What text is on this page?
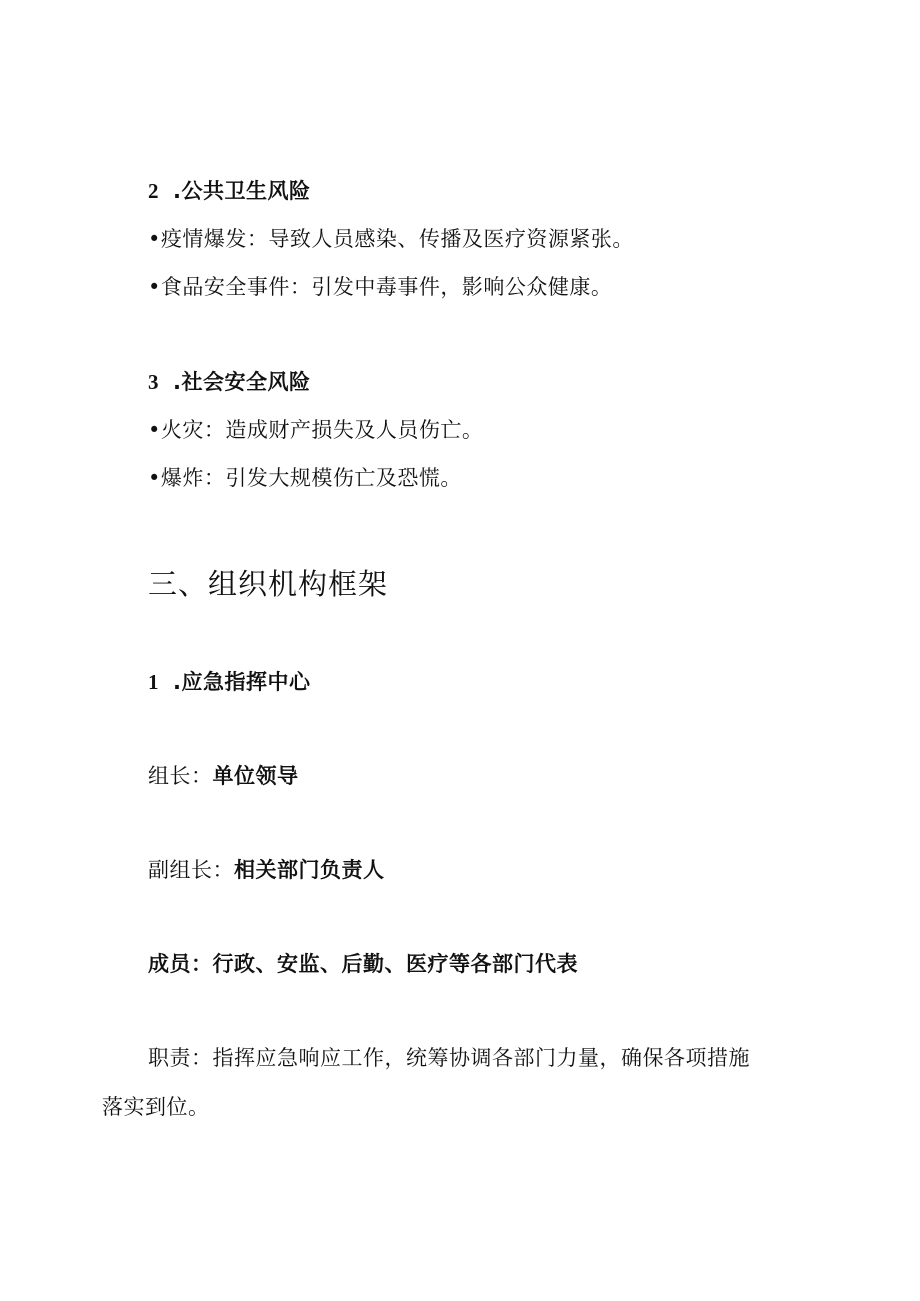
2 .公共卫生风险
•疫情爆发：导致人员感染、传播及医疗资源紧张。
•食品安全事件：引发中毒事件，影响公众健康。
3 .社会安全风险
•火灾：造成财产损失及人员伤亡。
•爆炸：引发大规模伤亡及恐慌。
三、组织机构框架
1 .应急指挥中心
组长：单位领导
副组长：相关部门负责人
成员：行政、安监、后勤、医疗等各部门代表
职责：指挥应急响应工作，统筹协调各部门力量，确保各项措施
落实到位。
